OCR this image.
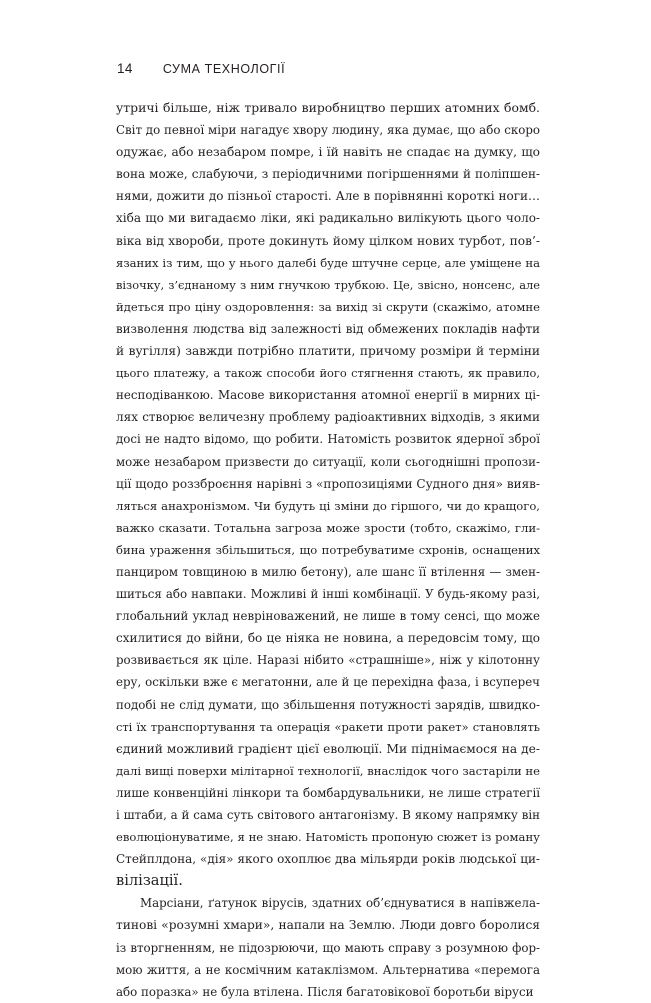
14 СУМА ТЕХНОЛОГІЇ
утричі більше, ніж тривало виробництво перших атомних бомб.
Світ до певної міри нагадує хвору людину, яка думає, що або скоро
одужає, або незабаром помре, і їй навіть не спадає на думку, що
вона може, слабуючи, з періодичними погіршеннями й поліпшен-
нями, дожити до пізньої старості. Але в порівнянні короткі ноги…
хіба що ми вигадаємо ліки, які радикально вилікують цього чоло-
віка від хвороби, проте докинуть йому цілком нових турбот, пов’-
язаних із тим, що у нього далебі буде штучне серце, але уміщене на
візочку, з’єднаному з ним гнучкою трубкою. Це, звісно, нонсенс, але
йдеться про ціну оздоровлення: за вихід зі скрути (скажімо, атомне
визволення людства від залежності від обмежених покладів нафти
й вугілля) завжди потрібно платити, причому розміри й терміни
цього платежу, а також способи його стягнення стають, як правило,
несподіванкою. Масове використання атомної енергії в мирних ці-
лях створює величезну проблему радіоактивних відходів, з якими
досі не надто відомо, що робити. Натомість розвиток ядерної зброї
може незабаром призвести до ситуації, коли сьогоднішні пропози-
ції щодо роззброєння нарівні з «пропозиціями Судного дня» вияв-
ляться анахронізмом. Чи будуть ці зміни до гіршого, чи до кращого,
важко сказати. Тотальна загроза може зрости (тобто, скажімо, гли-
бина ураження збільшиться, що потребуватиме схронів, оснащених
панциром товщиною в милю бетону), але шанс її втілення — змен-
шиться або навпаки. Можливі й інші комбінації. У будь-якому разі,
глобальний уклад невріноважений, не лише в тому сенсі, що може
схилитися до війни, бо це ніяка не новина, а передовсім тому, що
розвивається як ціле. Наразі нібито «страшніше», ніж у кілотонну
еру, оскільки вже є мегатонни, але й це перехідна фаза, і всупереч
подобі не слід думати, що збільшення потужності зарядів, швидко-
сті їх транспортування та операція «ракети проти ракет» становлять
єдиний можливий градієнт цієї еволюції. Ми піднімаємося на де-
далі вищі поверхи мілітарної технології, внаслідок чого застаріли не
лише конвенційні лінкори та бомбардувальники, не лише стратегії
і штаби, а й сама суть світового антагонізму. В якому напрямку він
еволюціонуватиме, я не знаю. Натомість пропоную сюжет із роману
Стейплдона, «дія» якого охоплює два мільярди років людської ци-
вілізації.
Марсіани, ґатунок вірусів, здатних об’єднуватися в напівжела-
тинові «розумні хмари», напали на Землю. Люди довго боролися
із вторгненням, не підозрюючи, що мають справу з розумною фор-
мою життя, а не космічним катаклізмом. Альтернатива «перемога
або поразка» не була втілена. Після багатовікової боротьби віруси
